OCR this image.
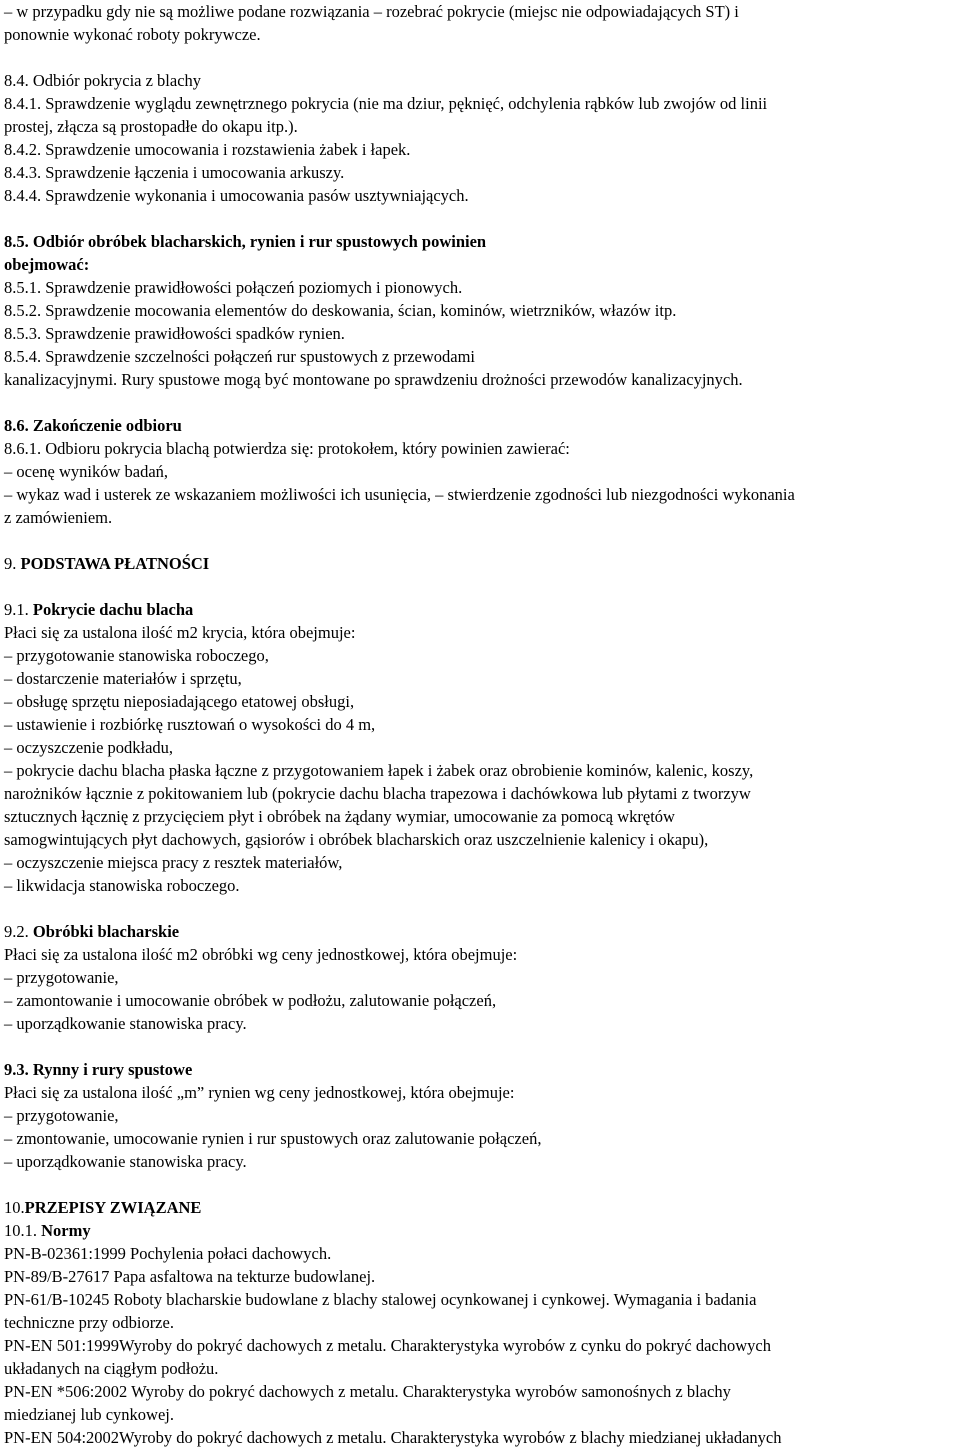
– w przypadku gdy nie są możliwe podane rozwiązania – rozebrać pokrycie (miejsc nie odpowiadających ST) i
ponownie wykonać roboty pokrywcze.
8.4. Odbiór pokrycia z blachy
8.4.1. Sprawdzenie wyglądu zewnętrznego pokrycia (nie ma dziur, pęknięć, odchylenia rąbków lub zwojów od linii
prostej, złącza są prostopadłe do okapu itp.).
8.4.2. Sprawdzenie umocowania i rozstawienia żabek i łapek.
8.4.3. Sprawdzenie łączenia i umocowania arkuszy.
8.4.4. Sprawdzenie wykonania i umocowania pasów usztywniających.
8.5. Odbiór obróbek blacharskich, rynien i rur spustowych powinien
obejmować:
8.5.1. Sprawdzenie prawidłowości połączeń poziomych i pionowych.
8.5.2. Sprawdzenie mocowania elementów do deskowania, ścian, kominów, wietrzników, włazów itp.
8.5.3. Sprawdzenie prawidłowości spadków rynien.
8.5.4. Sprawdzenie szczelności połączeń rur spustowych z przewodami
kanalizacyjnymi. Rury spustowe mogą być montowane po sprawdzeniu drożności przewodów kanalizacyjnych.
8.6. Zakończenie odbioru
8.6.1. Odbioru pokrycia blachą potwierdza się: protokołem, który powinien zawierać:
– ocenę wyników badań,
– wykaz wad i usterek ze wskazaniem możliwości ich usunięcia, – stwierdzenie zgodności lub niezgodności wykonania
z zamówieniem.
9. PODSTAWA PŁATNOŚCI
9.1. Pokrycie dachu blacha
Płaci się za ustalona ilość m2 krycia, która obejmuje:
– przygotowanie stanowiska roboczego,
– dostarczenie materiałów i sprzętu,
– obsługę sprzętu nieposiadającego etatowej obsługi,
– ustawienie i rozbiórkę rusztowań o wysokości do 4 m,
– oczyszczenie podkładu,
– pokrycie dachu blacha płaska łączne z przygotowaniem łapek i żabek oraz obrobienie kominów, kalenic, koszy,
narożników łącznie z pokitowaniem lub (pokrycie dachu blacha trapezowa i dachówkowa lub płytami z tworzyw
sztucznych łącznię z przycięciem płyt i obróbek na żądany wymiar, umocowanie za pomocą wkrętów
samogwintujących płyt dachowych, gąsiorów i obróbek blacharskich oraz uszczelnienie kalenicy i okapu),
– oczyszczenie miejsca pracy z resztek materiałów,
– likwidacja stanowiska roboczego.
9.2. Obróbki blacharskie
Płaci się za ustalona ilość m2 obróbki wg ceny jednostkowej, która obejmuje:
– przygotowanie,
– zamontowanie i umocowanie obróbek w podłożu, zalutowanie połączeń,
– uporządkowanie stanowiska pracy.
9.3. Rynny i rury spustowe
Płaci się za ustalona ilość „m” rynien wg ceny jednostkowej, która obejmuje:
– przygotowanie,
– zmontowanie, umocowanie rynien i rur spustowych oraz zalutowanie połączeń,
– uporządkowanie stanowiska pracy.
10.PRZEPISY ZWIĄZANE
10.1. Normy
PN-B-02361:1999 Pochylenia połaci dachowych.
PN-89/B-27617 Papa asfaltowa na tekturze budowlanej.
PN-61/B-10245 Roboty blacharskie budowlane z blachy stalowej ocynkowanej i cynkowej. Wymagania i badania
techniczne przy odbiorze.
PN-EN 501:1999Wyroby do pokryć dachowych z metalu. Charakterystyka wyrobów z cynku do pokryć dachowych
układanych na ciągłym podłożu.
PN-EN *506:2002 Wyroby do pokryć dachowych z metalu. Charakterystyka wyrobów samonośnych z blachy
miedzianej lub cynkowej.
PN-EN 504:2002Wyroby do pokryć dachowych z metalu. Charakterystyka wyrobów z blachy miedzianej układanych
